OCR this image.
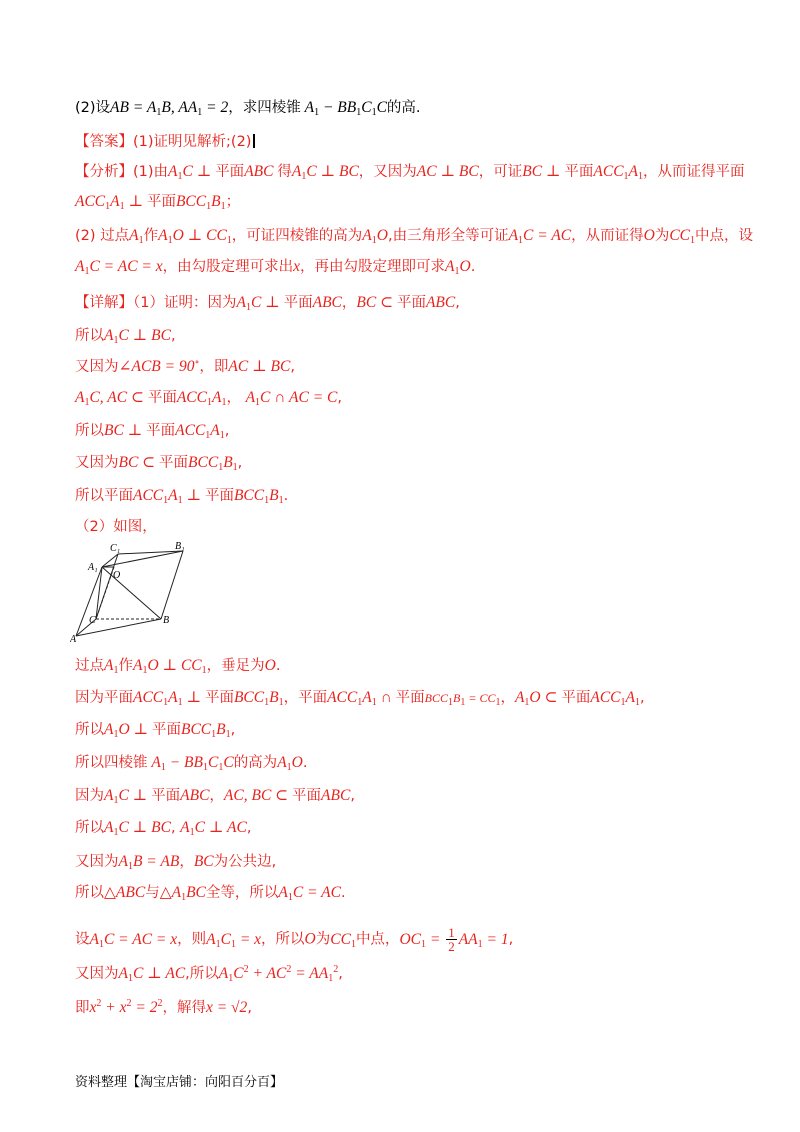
(2)设AB = $A_1B$, $AA_1 = 2$，求四棱锥 $A_1 - BB_1C_1C$的高.
【答案】(1)证明见解析;(2)
【分析】(1)由$A_1C$ ⊥ 平面ABC 得$A_1C$ ⊥ BC，又因为AC ⊥ BC，可证BC ⊥ 平面$ACC_1A_1$，从而证得平面
$ACC_1A_1$ ⊥ 平面$BCC_1B_1$；
(2) 过点$A_1$作$A_1O$ ⊥ $CC_1$，可证四棱锥的高为$A_1O$,由三角形全等可证$A_1C$ = AC，从而证得O为$CC_1$中点，设
$A_1C$ = AC = x，由勾股定理可求出x，再由勾股定理即可求$A_1O$.
【详解】（1）证明：因为$A_1C$ ⊥ 平面ABC，BC ⊂ 平面ABC,
所以$A_1C$ ⊥ BC,
又因为∠ACB = 90∘，即AC ⊥ BC,
$A_1C$, AC ⊂ 平面$ACC_1A_1$， $A_1C$ ∩ AC = C,
所以BC ⊥ 平面$ACC_1A_1$,
又因为BC ⊂ 平面$BCC_1B_1$,
所以平面$ACC_1A_1$ ⊥ 平面$BCC_1B_1$.
（2）如图，
C₁	B₁
A₁
O
C	B
A
过点$A_1$作$A_1O$ ⊥ $CC_1$，垂足为O.
因为平面$ACC_1A_1$ ⊥ 平面$BCC_1B_1$，平面$ACC_1A_1$ ∩ 平面$BCC_1B_1 = CC_1$，$A_1O$ ⊂ 平面$ACC_1A_1$,
所以$A_1O$ ⊥ 平面$BCC_1B_1$,
所以四棱锥 $A_1 - BB_1C_1C$的高为$A_1O$.
因为$A_1C$ ⊥ 平面ABC，AC, BC ⊂ 平面ABC,
所以$A_1C$ ⊥ BC, $A_1C$ ⊥ AC,
又因为$A_1B$ = AB，BC为公共边,
所以△ABC与$\triangle A_1BC$全等，所以$A_1C$ = AC.
设$A_1C$ = AC = x，则$A_1C_1 = x$，所以O为$CC_1$中点，$OC_1 = \frac{1}{2} AA_1 = 1$,
又因为$A_1C$ ⊥ AC,所以$A_1C^2 + AC^2 = AA_1^2$,
即$x^2 + x^2 = 2^2$，解得x = √2,
资料整理【淘宝店铺：向阳百分百】
